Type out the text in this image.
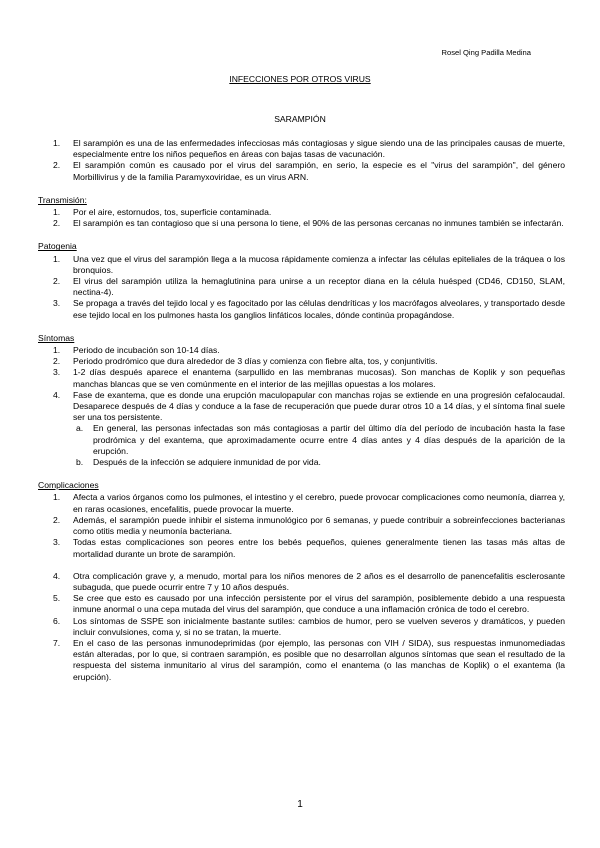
Rosel Qing Padilla Medina
INFECCIONES POR OTROS VIRUS
SARAMPIÓN
1. El sarampión es una de las enfermedades infecciosas más contagiosas y sigue siendo una de las principales causas de muerte, especialmente entre los niños pequeños en áreas con bajas tasas de vacunación.
2. El sarampión común es causado por el virus del sarampión, en serio, la especie es el "virus del sarampión", del género Morbillivirus y de la familia Paramyxoviridae, es un virus ARN.
Transmisión:
1. Por el aire, estornudos, tos, superficie contaminada.
2. El sarampión es tan contagioso que si una persona lo tiene, el 90% de las personas cercanas no inmunes también se infectarán.
Patogenia
1. Una vez que el virus del sarampión llega a la mucosa rápidamente comienza a infectar las células epiteliales de la tráquea o los bronquios.
2. El virus del sarampión utiliza la hemaglutinina para unirse a un receptor diana en la célula huésped (CD46, CD150, SLAM, nectina-4).
3. Se propaga a través del tejido local y es fagocitado por las células dendríticas y los macrófagos alveolares, y transportado desde ese tejido local en los pulmones hasta los ganglios linfáticos locales, dónde continúa propagándose.
Síntomas
1. Periodo de incubación son 10-14 días.
2. Periodo prodrómico que dura alrededor de 3 días y comienza con fiebre alta, tos, y conjuntivitis.
3. 1-2 días después aparece el enantema (sarpullido en las membranas mucosas). Son manchas de Koplik y son pequeñas manchas blancas que se ven comúnmente en el interior de las mejillas opuestas a los molares.
4. Fase de exantema, que es donde una erupción maculopapular con manchas rojas se extiende en una progresión cefalocaudal. Desaparece después de 4 días y conduce a la fase de recuperación que puede durar otros 10 a 14 días, y el síntoma final suele ser una tos persistente.
a. En general, las personas infectadas son más contagiosas a partir del último día del período de incubación hasta la fase prodrómica y del exantema, que aproximadamente ocurre entre 4 días antes y 4 días después de la aparición de la erupción.
b. Después de la infección se adquiere inmunidad de por vida.
Complicaciones
1. Afecta a varios órganos como los pulmones, el intestino y el cerebro, puede provocar complicaciones como neumonía, diarrea y, en raras ocasiones, encefalitis, puede provocar la muerte.
2. Además, el sarampión puede inhibir el sistema inmunológico por 6 semanas, y puede contribuir a sobreinfecciones bacterianas como otitis media y neumonía bacteriana.
3. Todas estas complicaciones son peores entre los bebés pequeños, quienes generalmente tienen las tasas más altas de mortalidad durante un brote de sarampión.
4. Otra complicación grave y, a menudo, mortal para los niños menores de 2 años es el desarrollo de panencefalitis esclerosante subaguda, que puede ocurrir entre 7 y 10 años después.
5. Se cree que esto es causado por una infección persistente por el virus del sarampión, posiblemente debido a una respuesta inmune anormal o una cepa mutada del virus del sarampión, que conduce a una inflamación crónica de todo el cerebro.
6. Los síntomas de SSPE son inicialmente bastante sutiles: cambios de humor, pero se vuelven severos y dramáticos, y pueden incluir convulsiones, coma y, si no se tratan, la muerte.
7. En el caso de las personas inmunodeprimidas (por ejemplo, las personas con VIH / SIDA), sus respuestas inmunomediadas están alteradas, por lo que, si contraen sarampión, es posible que no desarrollan algunos síntomas que sean el resultado de la respuesta del sistema inmunitario al virus del sarampión, como el enantema (o las manchas de Koplik) o el exantema (la erupción).
1
